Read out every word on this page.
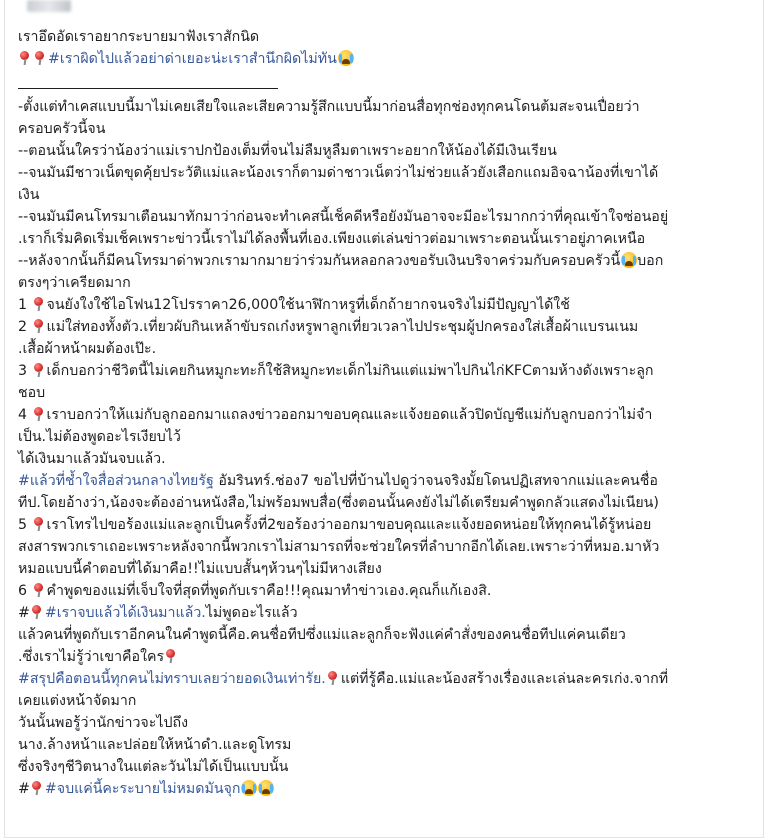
เราอึดอัดเราอยากระบายมาฟังเราสักนิด

#เราผิดไปแล้วอย่าด่าเยอะน่ะเราสำนึกผิดไม่ทัน

-ตั้งแต่ทำเคสแบบนี้มาไม่เคยเสียใจและเสียความรู้สึกแบบนี้มาก่อนสื่อทุกช่องทุกคนโดนต้มสะจนเปื่อยว่า

ครอบครัวนี้จน

--ตอนนั้นใครว่าน้องว่าแม่เราปกป้องเต็มที่จนไม่ลืมหูลืมตาเพราะอยากให้น้องได้มีเงินเรียน

--จนมันมีชาวเน็ตขุดคุ้ยประวัติแม่และน้องเราก็ตามด่าชาวเน็ตว่าไม่ช่วยแล้วยังเสือกแถมอิจฉาน้องที่เขาได้

เงิน

--จนมันมีคนโทรมาเตือนมาทักมาว่าก่อนจะทำเคสนี้เช็คดีหรือยังมันอาจจะมีอะไรมากกว่าที่คุณเข้าใจซ่อนอยู่

.เราก็เริ่มคิดเริ่มเช็คเพราะข่าวนี้เราไม่ได้ลงพื้นที่เอง.เพียงแต่เล่นข่าวต่อมาเพราะตอนนั้นเราอยู่ภาคเหนือ

--หลังจากนั้นก็มีคนโทรมาด่าพวกเรามากมายว่าร่วมกันหลอกลวงขอรับเงินบริจาคร่วมกับครอบครัวนี้ บอก

ตรงๆว่าเครียดมาก

1 จนยังใงใช้ไอโฟน12โปรราคา26,000ใช้นาฬิกาหรูที่เด็กถ้ายากจนจริงไม่มีปัญญาได้ใช้

2 แม่ใส่ทองทั้งตัว.เที่ยวผับกินเหล้าขับรถเก๋งหรูพาลูกเที่ยวเวลาไปประชุมผู้ปกครองใส่เสื้อผ้าแบรนเนม

.เสื้อผ้าหน้าผมต้องเป๊ะ.

3 เด็กบอกว่าชีวิตนี้ไม่เคยกินหมูกะทะก็ใช้สิหมูกะทะเด็กไม่กินแต่แม่พาไปกินไก่KFCตามห้างดังเพราะลูก

ชอบ

4 เราบอกว่าให้แม่กับลูกออกมาแถลงข่าวออกมาขอบคุณและแจ้งยอดแล้วปิดบัญชีแม่กับลูกบอกว่าไม่จำ

เป็น.ไม่ต้องพูดอะไรเงียบไว้

ได้เงินมาแล้วมันจบแล้ว.

#แล้วที่ช้ำใจสื่อส่วนกลางไทยรัฐ อัมรินทร์.ช่อง7 ขอไปที่บ้านไปดูว่าจนจริงมั้ยโดนปฏิเสทจากแม่และคนชื่อ

ทีป.โดยอ้างว่า,น้องจะต้องอ่านหนังสือ,ไม่พร้อมพบสื่อ(ซึ่งตอนนั้นคงยังไม่ได้เตรียมคำพูดกลัวแสดงไม่เนียน)

5 เราโทรไปขอร้องแม่และลูกเป็นครั้งที่2ขอร้องว่าออกมาขอบคุณและแจ้งยอดหน่อยให้ทุกคนได้รู้หน่อย

สงสารพวกเราเถอะเพราะหลังจากนี้พวกเราไม่สามารถที่จะช่วยใครที่ลำบากอีกได้เลย.เพราะว่าที่หมอ.มาหัว

หมอแบบนี้คำตอบที่ได้มาคือ!!ไม่แบบสั้นๆห้วนๆไม่มีหางเสียง

6 คำพูดของแม่ที่เจ็บใจที่สุดที่พูดกับเราคือ!!!คุณมาทำข่าวเอง.คุณก็แก้เองสิ.

# #เราจบแล้วได้เงินมาแล้ว.ไม่พูดอะไรแล้ว

แล้วคนที่พูดกับเราอีกคนในคำพูดนี้คือ.คนชื่อทีปซึ่งแม่และลูกก็จะฟังแค่คำสั่งของคนชื่อทีปแค่คนเดียว

.ซึ่งเราไม่รู้ว่าเขาคือใคร

#สรุปคือตอนนี้ทุกคนไม่ทราบเลยว่ายอดเงินเท่ารัย. แต่ที่รู้คือ.แม่และน้องสร้างเรื่องและเล่นละครเก่ง.จากที่

เคยแต่งหน้าจัดมาก

วันนั้นพอรู้ว่านักข่าวจะไปถึง

นาง.ล้างหน้าและปล่อยให้หน้าดำ.และดูโทรม

ซึ่งจริงๆชีวิตนางในแต่ละวันไม่ได้เป็นแบบนั้น

# #จบแค่นี้คะระบายไม่หมดมันจุก
